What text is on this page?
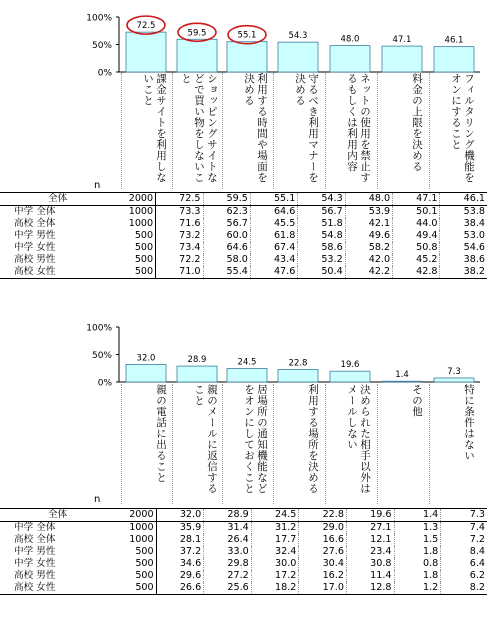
100%
50%
0%
72.5
59.5	55.1	54.3	48.0	47.1	46.1
課金サイトを利用しないこと	ショッピングサイトなどで買い物をしないこと	利用する時間や場面を決める	守るべき利用マナーを決める	ネットの使用を禁止するもしくは利用内容	料金の上限を決める	フィルタリング機能をオンにすること
n
全体	2000	72.5	59.5	55.1	54.3	48.0	47.1	46.1
中学 全体	1000	73.3	62.3	64.6	56.7	53.9	50.1	53.8
高校 全体	1000	71.6	56.7	45.5	51.8	42.1	44.0	38.4
中学 男性	500	73.2	60.0	61.8	54.8	49.6	49.4	53.0
中学 女性	500	73.4	64.6	67.4	58.6	58.2	50.8	54.6
高校 男性	500	72.2	58.0	43.4	53.2	42.0	45.2	38.6
高校 女性	500	71.0	55.4	47.6	50.4	42.2	42.8	38.2
100%
50%
0%
32.0	28.9	24.5	22.8	19.6
1.4	7.3
親の電話に出ること	親のメールに返信すること	居場所の通知機能などをオンにしておくこと	利用する場所を決める	決められた相手以外はメールしない	その他	特に条件はない
n
全体	2000	32.0	28.9	24.5	22.8	19.6	1.4	7.3
中学 全体	1000	35.9	31.4	31.2	29.0	27.1	1.3	7.4
高校 全体	1000	28.1	26.4	17.7	16.6	12.1	1.5	7.2
中学 男性	500	37.2	33.0	32.4	27.6	23.4	1.8	8.4
中学 女性	500	34.6	29.8	30.0	30.4	30.8	0.8	6.4
高校 男性	500	29.6	27.2	17.2	16.2	11.4	1.8	6.2
高校 女性	500	26.6	25.6	18.2	17.0	12.8	1.2	8.2
